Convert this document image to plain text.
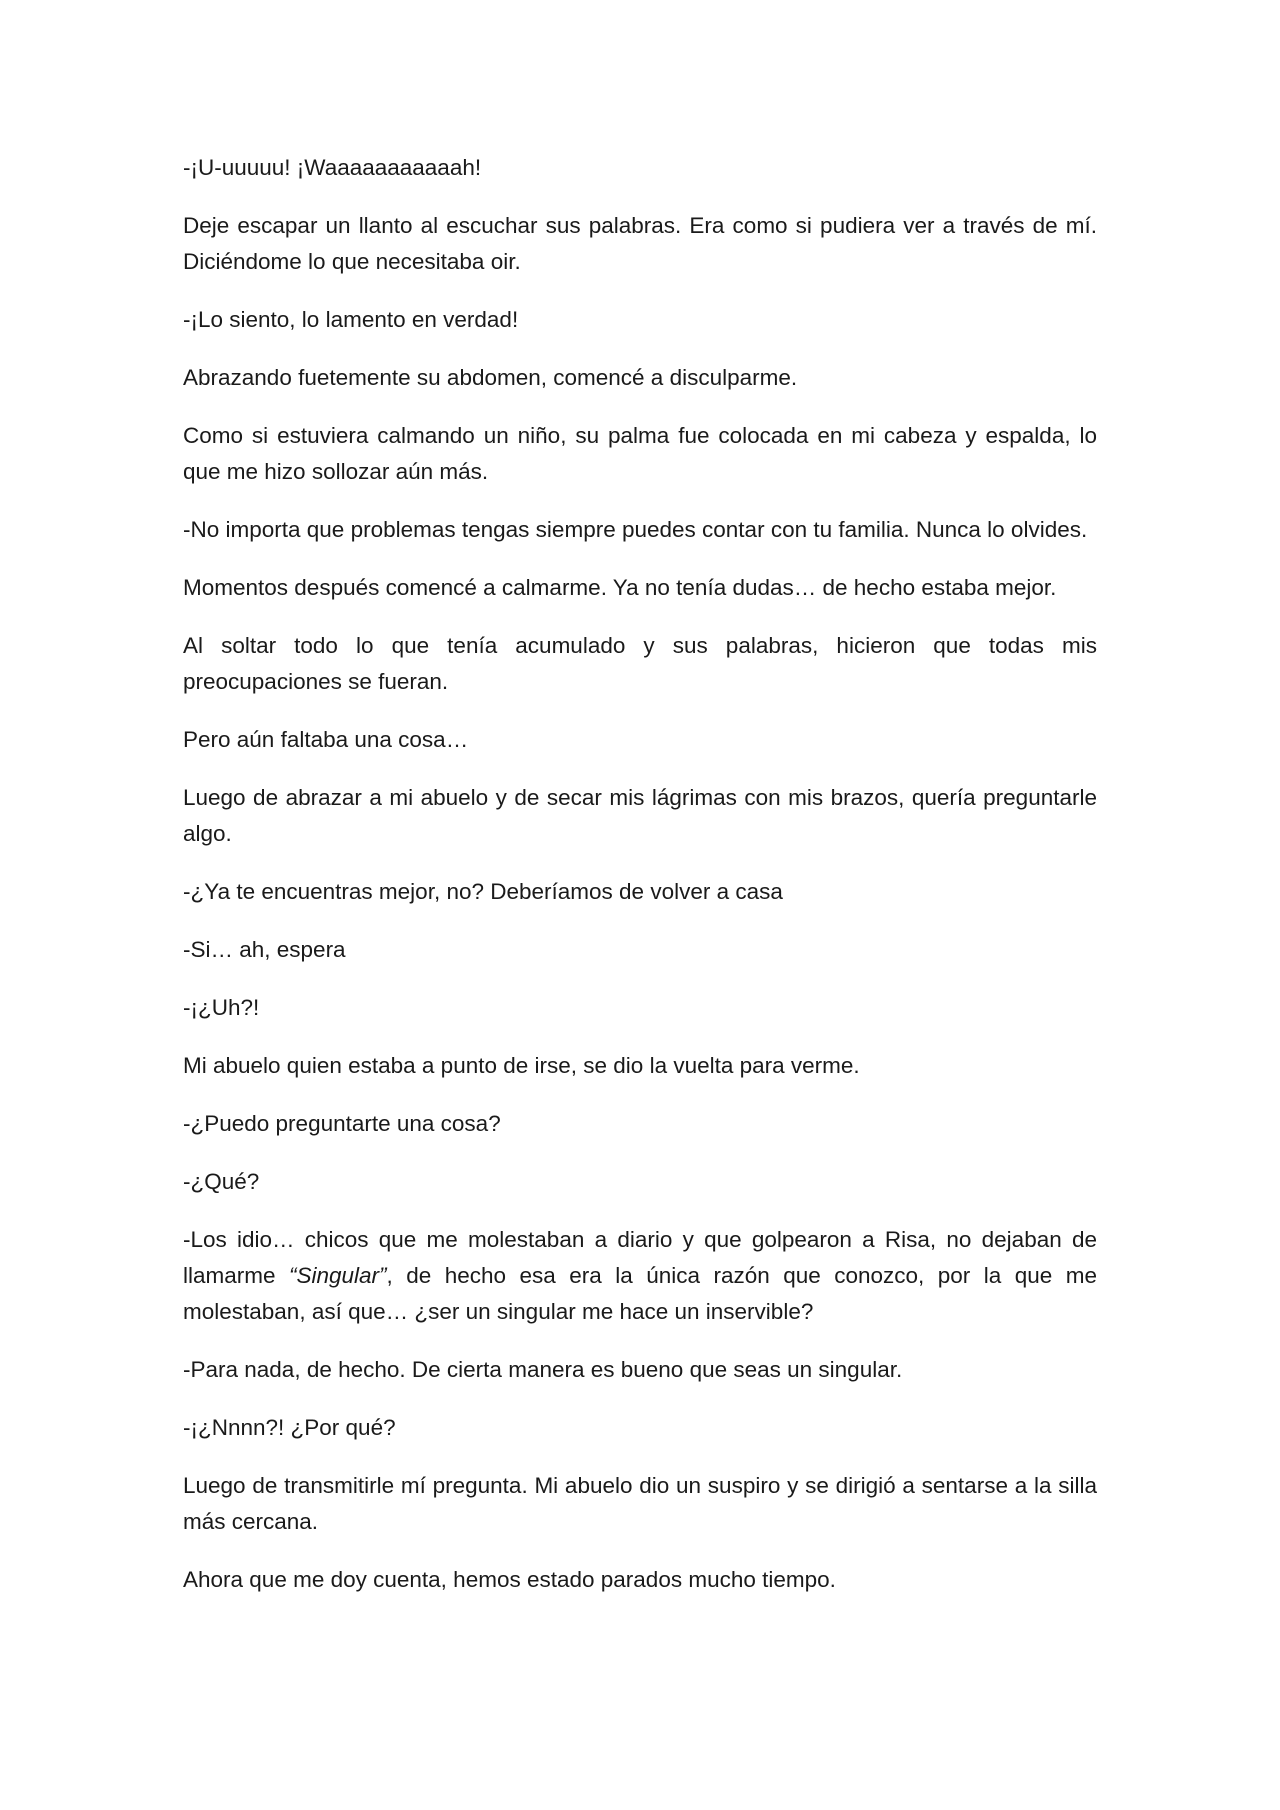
-¡U-uuuuu! ¡Waaaaaaaaaaah!

Deje escapar un llanto al escuchar sus palabras. Era como si pudiera ver a través de mí. Diciéndome lo que necesitaba oir.

-¡Lo siento, lo lamento en verdad!

Abrazando fuetemente su abdomen, comencé a disculparme.

Como si estuviera calmando un niño, su palma fue colocada en mi cabeza y espalda, lo que me hizo sollozar aún más.

-No importa que problemas tengas siempre puedes contar con tu familia. Nunca lo olvides.

Momentos después comencé a calmarme. Ya no tenía dudas… de hecho estaba mejor.

Al soltar todo lo que tenía acumulado y sus palabras, hicieron que todas mis preocupaciones se fueran.

Pero aún faltaba una cosa…

Luego de abrazar a mi abuelo y de secar mis lágrimas con mis brazos, quería preguntarle algo.

-¿Ya te encuentras mejor, no? Deberíamos de volver a casa

-Si… ah, espera

-¡¿Uh?!

Mi abuelo quien estaba a punto de irse, se dio la vuelta para verme.

-¿Puedo preguntarte una cosa?

-¿Qué?

-Los idio… chicos que me molestaban a diario y que golpearon a Risa, no dejaban de llamarme “Singular”, de hecho esa era la única razón que conozco, por la que me molestaban, así que… ¿ser un singular me hace un inservible?

-Para nada, de hecho. De cierta manera es bueno que seas un singular.

-¡¿Nnnn?! ¿Por qué?

Luego de transmitirle mí pregunta. Mi abuelo dio un suspiro y se dirigió a sentarse a la silla más cercana.

Ahora que me doy cuenta, hemos estado parados mucho tiempo.
